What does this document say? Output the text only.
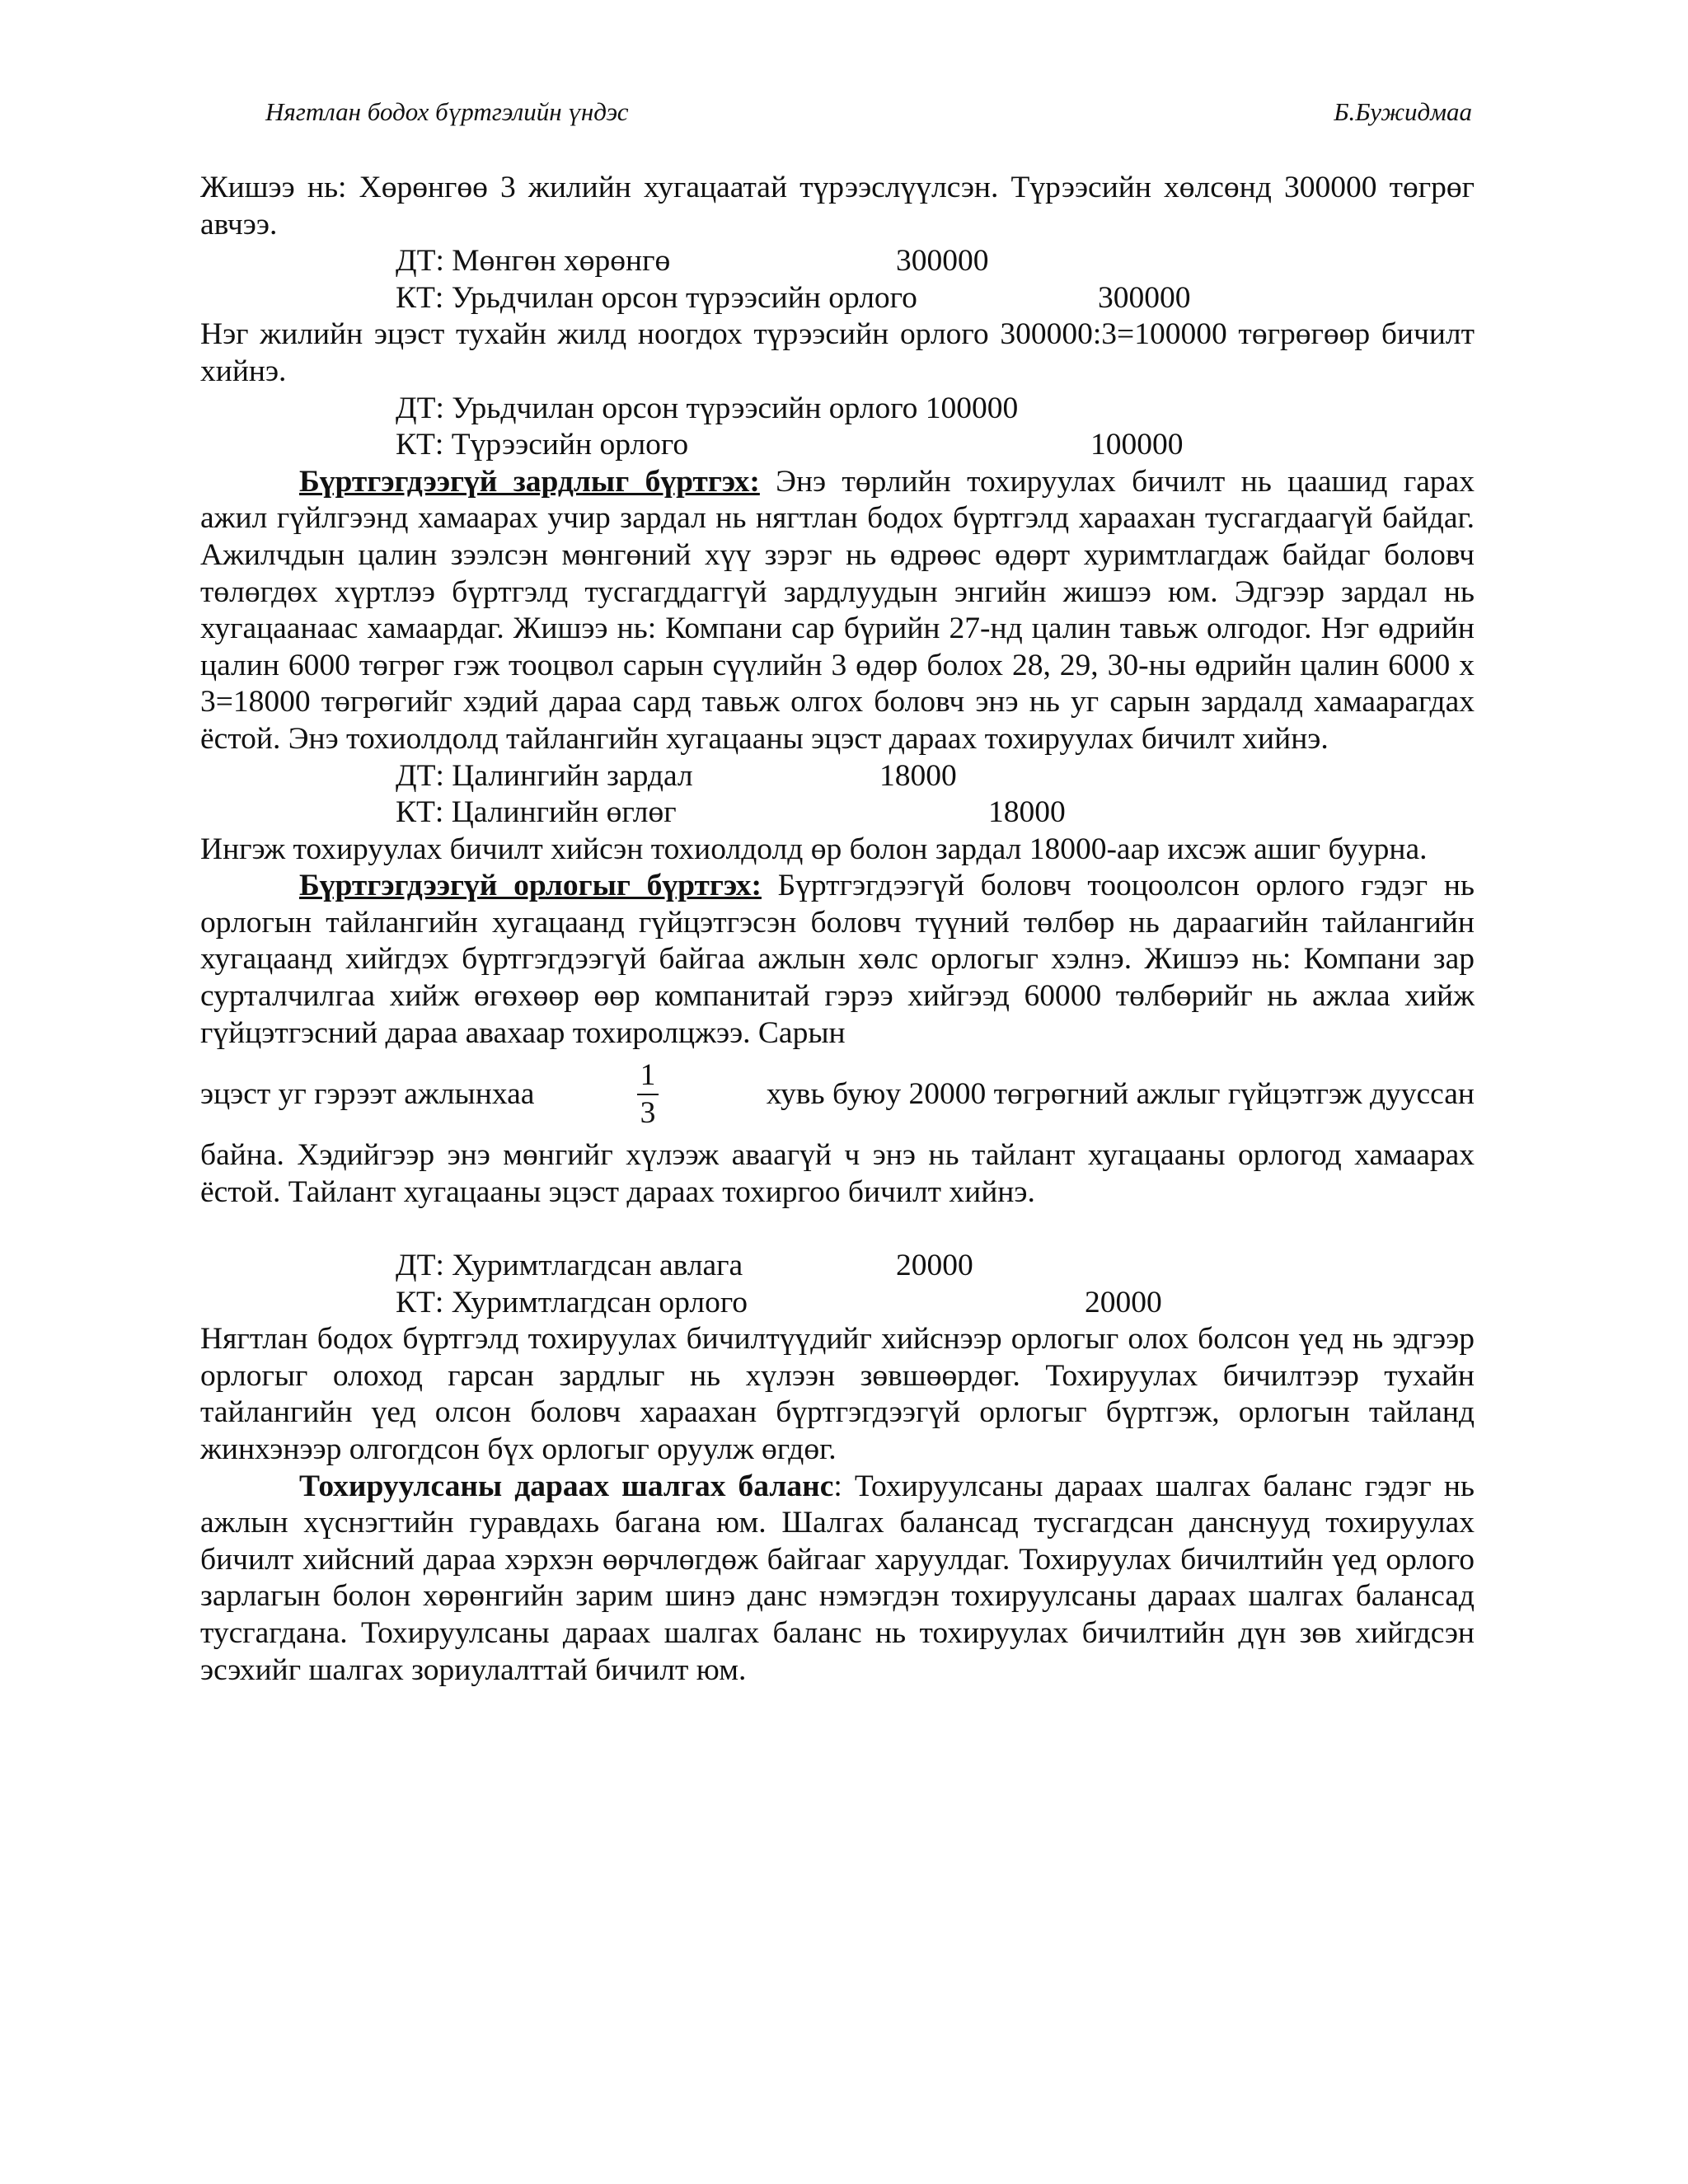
Нягтлан бодох бүртгэлийн үндэс	Б.Бужидмаа

Жишээ нь: Хөрөнгөө 3 жилийн хугацаатай түрээслүүлсэн. Түрээсийн хөлсөнд 300000 төгрөг авчээ.

ДТ: Мөнгөн хөрөнгө	300000
КТ: Урьдчилан орсон түрээсийн орлого	300000

Нэг жилийн эцэст тухайн жилд ноогдох түрээсийн орлого 300000:3=100000 төгрөгөөр бичилт хийнэ.

ДТ: Урьдчилан орсон түрээсийн орлого 100000
КТ: Түрээсийн орлого	100000

Бүртгэгдээгүй зардлыг бүртгэх: Энэ төрлийн тохируулах бичилт нь цаашид гарах ажил гүйлгээнд хамаарах учир зардал нь нягтлан бодох бүртгэлд хараахан тусгагдаагүй байдаг. Ажилчдын цалин зээлсэн мөнгөний хүү зэрэг нь өдрөөс өдөрт хуримтлагдаж байдаг боловч төлөгдөх хүртлээ бүртгэлд тусгагддаггүй зардлуудын энгийн жишээ юм. Эдгээр зардал нь хугацаанаас хамаардаг. Жишээ нь: Компани сар бүрийн 27-нд цалин тавьж олгодог. Нэг өдрийн цалин 6000 төгрөг гэж тооцвол сарын сүүлийн 3 өдөр болох 28, 29, 30-ны өдрийн цалин 6000 х 3=18000 төгрөгийг хэдий дараа сард тавьж олгох боловч энэ нь уг сарын зардалд хамаарагдах ёстой. Энэ тохиолдолд тайлангийн хугацааны эцэст дараах тохируулах бичилт хийнэ.

ДТ: Цалингийн зардал	18000
КТ: Цалингийн өглөг	18000

Ингэж тохируулах бичилт хийсэн тохиолдолд өр болон зардал 18000-аар ихсэж ашиг буурна.

Бүртгэгдээгүй орлогыг бүртгэх: Бүртгэгдээгүй боловч тооцоолсон орлого гэдэг нь орлогын тайлангийн хугацаанд гүйцэтгэсэн боловч түүний төлбөр нь дараагийн тайлангийн хугацаанд хийгдэх бүртгэгдээгүй байгаа ажлын хөлс орлогыг хэлнэ. Жишээ нь: Компани зар сурталчилгаа хийж өгөхөөр өөр компанитай гэрээ хийгээд 60000 төлбөрийг нь ажлаа хийж гүйцэтгэсний дараа авахаар тохиролцжээ. Сарын

эцэст уг гэрээт ажлынхаа	$\frac{1}{3}$	хувь буюу 20000 төгрөгний ажлыг гүйцэтгэж дууссан

байна. Хэдийгээр энэ мөнгийг хүлээж аваагүй ч энэ нь тайлант хугацааны орлогод хамаарах ёстой. Тайлант хугацааны эцэст дараах тохиргоо бичилт хийнэ.

ДТ: Хуримтлагдсан авлага	20000
КТ: Хуримтлагдсан орлого	20000

Нягтлан бодох бүртгэлд тохируулах бичилтүүдийг хийснээр орлогыг олох болсон үед нь эдгээр орлогыг олоход гарсан зардлыг нь хүлээн зөвшөөрдөг. Тохируулах бичилтээр тухайн тайлангийн үед олсон боловч хараахан бүртгэгдээгүй орлогыг бүртгэж, орлогын тайланд жинхэнээр олгогдсон бүх орлогыг оруулж өгдөг.

Тохируулсаны дараах шалгах баланс: Тохируулсаны дараах шалгах баланс гэдэг нь ажлын хүснэгтийн гуравдахь багана юм. Шалгах балансад тусгагдсан данснууд тохируулах бичилт хийсний дараа хэрхэн өөрчлөгдөж байгааг харуулдаг. Тохируулах бичилтийн үед орлого зарлагын болон хөрөнгийн зарим шинэ данс нэмэгдэн тохируулсаны дараах шалгах балансад тусгагдана. Тохируулсаны дараах шалгах баланс нь тохируулах бичилтийн дүн зөв хийгдсэн эсэхийг шалгах зориулалттай бичилт юм.
